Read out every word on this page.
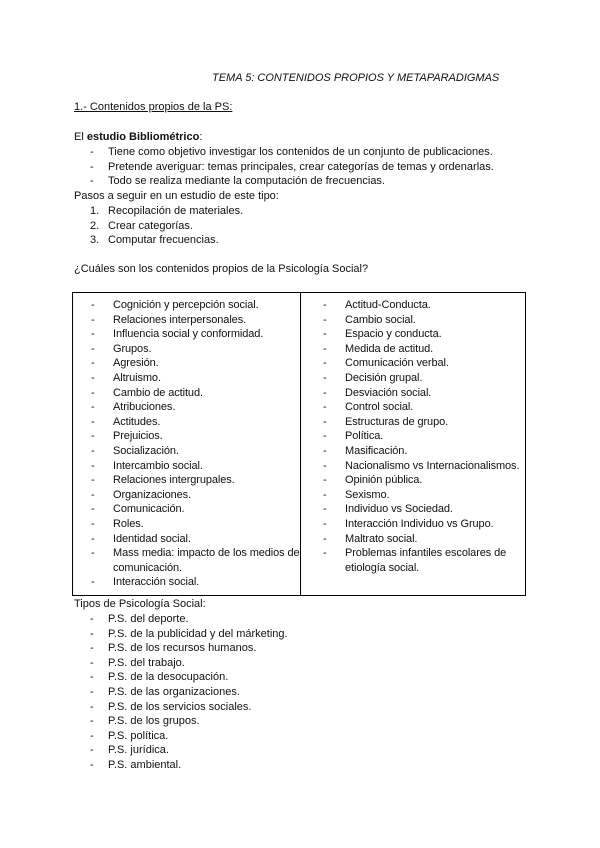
TEMA 5: CONTENIDOS PROPIOS Y METAPARADIGMAS
1.- Contenidos propios de la PS:
El estudio Bibliométrico:
- Tiene como objetivo investigar los contenidos de un conjunto de publicaciones.
- Pretende averiguar: temas principales, crear categorías de temas y ordenarlas.
- Todo se realiza mediante la computación de frecuencias.
Pasos a seguir en un estudio de este tipo:
1. Recopilación de materiales.
2. Crear categorías.
3. Computar frecuencias.
¿Cuáles son los contenidos propios de la Psicología Social?
- Cognición y percepción social.
- Relaciones interpersonales.
- Influencia social y conformidad.
- Grupos.
- Agresión.
- Altruismo.
- Cambio de actitud.
- Atribuciones.
- Actitudes.
- Prejuicios.
- Socialización.
- Intercambio social.
- Relaciones intergrupales.
- Organizaciones.
- Comunicación.
- Roles.
- Identidad social.
- Mass media: impacto de los medios de comunicación.
- Interacción social.
- Actitud-Conducta.
- Cambio social.
- Espacio y conducta.
- Medida de actitud.
- Comunicación verbal.
- Decisión grupal.
- Desviación social.
- Control social.
- Estructuras de grupo.
- Política.
- Masificación.
- Nacionalismo vs Internacionalismos.
- Opinión pública.
- Sexismo.
- Individuo vs Sociedad.
- Interacción Individuo vs Grupo.
- Maltrato social.
- Problemas infantiles escolares de etiología social.
Tipos de Psicología Social:
- P.S. del deporte.
- P.S. de la publicidad y del márketing.
- P.S. de los recursos humanos.
- P.S. del trabajo.
- P.S. de la desocupación.
- P.S. de las organizaciones.
- P.S. de los servicios sociales.
- P.S. de los grupos.
- P.S. política.
- P.S. jurídica.
- P.S. ambiental.
